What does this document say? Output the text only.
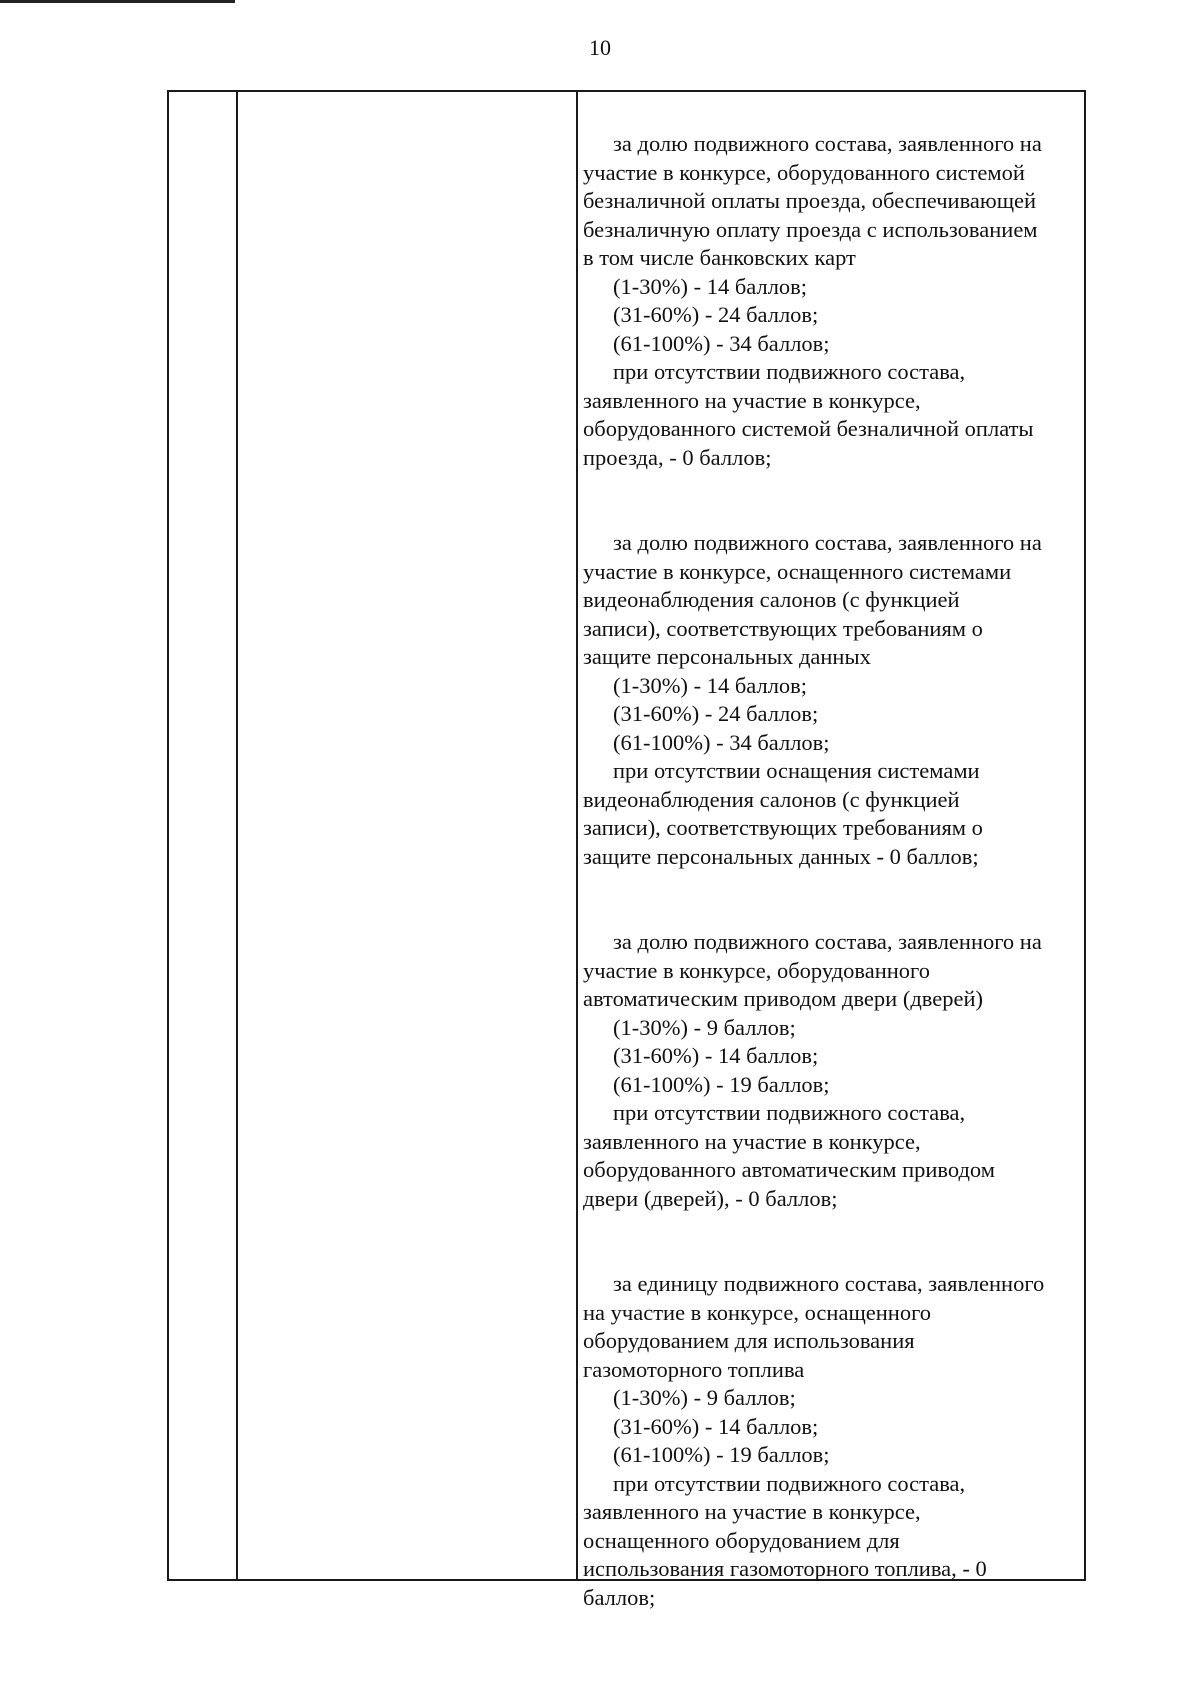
10
за долю подвижного состава, заявленного на
участие в конкурсе, оборудованного системой
безналичной оплаты проезда, обеспечивающей
безналичную оплату проезда с использованием
в том числе банковских карт
(1-30%) - 14 баллов;
(31-60%) - 24 баллов;
(61-100%) - 34 баллов;
при отсутствии подвижного состава,
заявленного на участие в конкурсе,
оборудованного системой безналичной оплаты
проезда, - 0 баллов;
за долю подвижного состава, заявленного на
участие в конкурсе, оснащенного системами
видеонаблюдения салонов (с функцией
записи), соответствующих требованиям о
защите персональных данных
(1-30%) - 14 баллов;
(31-60%) - 24 баллов;
(61-100%) - 34 баллов;
при отсутствии оснащения системами
видеонаблюдения салонов (с функцией
записи), соответствующих требованиям о
защите персональных данных - 0 баллов;
за долю подвижного состава, заявленного на
участие в конкурсе, оборудованного
автоматическим приводом двери (дверей)
(1-30%) - 9 баллов;
(31-60%) - 14 баллов;
(61-100%) - 19 баллов;
при отсутствии подвижного состава,
заявленного на участие в конкурсе,
оборудованного автоматическим приводом
двери (дверей), - 0 баллов;
за единицу подвижного состава, заявленного
на участие в конкурсе, оснащенного
оборудованием для использования
газомоторного топлива
(1-30%) - 9 баллов;
(31-60%) - 14 баллов;
(61-100%) - 19 баллов;
при отсутствии подвижного состава,
заявленного на участие в конкурсе,
оснащенного оборудованием для
использования газомоторного топлива, - 0
баллов;
